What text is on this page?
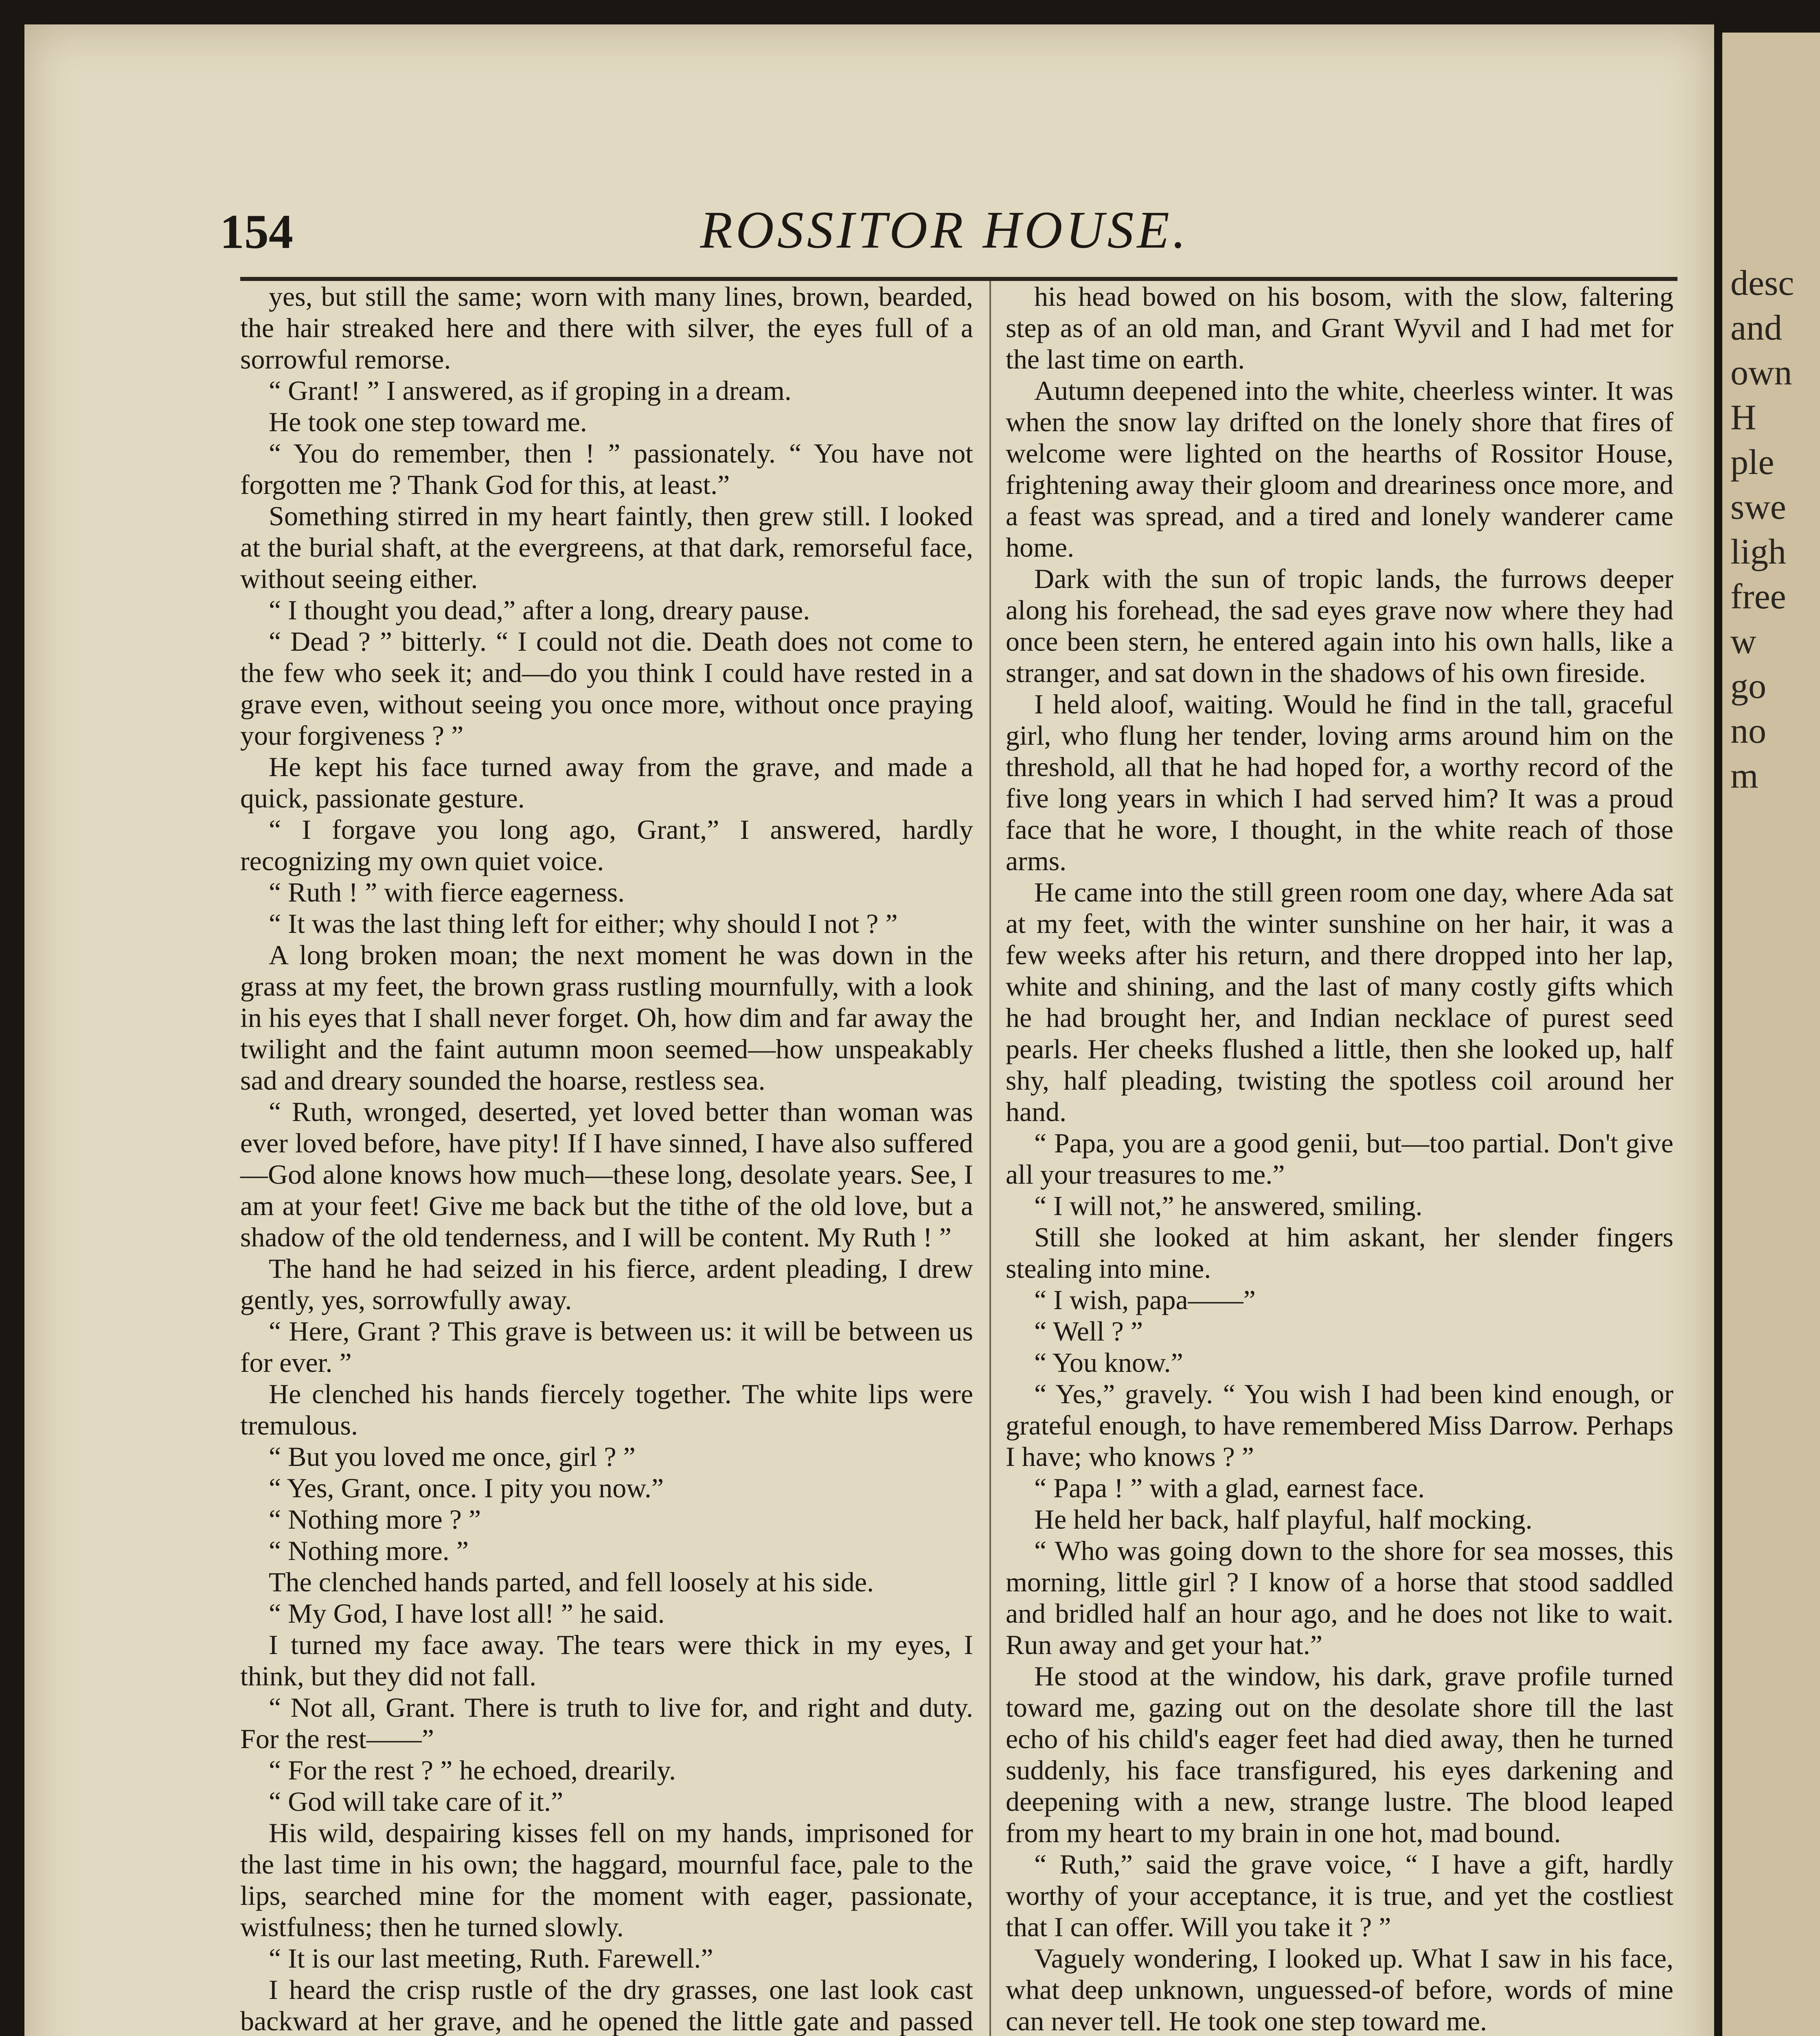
desc
and
own
H
ple
swe
ligh
free
w
go
no
m
154	ROSSITOR HOUSE.

yes, but still the same; worn with many lines, brown, bearded, the hair streaked here and there with silver, the eyes full of a sorrowful remorse.

“ Grant! ” I answered, as if groping in a dream.

He took one step toward me.

“ You do remember, then ! ” passionately. “ You have not forgotten me ? Thank God for this, at least.”

Something stirred in my heart faintly, then grew still. I looked at the burial shaft, at the evergreens, at that dark, remorseful face, without seeing either.

“ I thought you dead,” after a long, dreary pause.

“ Dead ? ” bitterly. “ I could not die. Death does not come to the few who seek it; and—do you think I could have rested in a grave even, without seeing you once more, without once praying your forgiveness ? ”

He kept his face turned away from the grave, and made a quick, passionate gesture.

“ I forgave you long ago, Grant,” I answered, hardly recognizing my own quiet voice.

“ Ruth ! ” with fierce eagerness.

“ It was the last thing left for either; why should I not ? ”

A long broken moan; the next moment he was down in the grass at my feet, the brown grass rustling mournfully, with a look in his eyes that I shall never forget. Oh, how dim and far away the twilight and the faint autumn moon seemed—how unspeakably sad and dreary sounded the hoarse, restless sea.

“ Ruth, wronged, deserted, yet loved better than woman was ever loved before, have pity! If I have sinned, I have also suffered—God alone knows how much—these long, desolate years. See, I am at your feet! Give me back but the tithe of the old love, but a shadow of the old tenderness, and I will be content. My Ruth ! ”

The hand he had seized in his fierce, ardent pleading, I drew gently, yes, sorrowfully away.

“ Here, Grant ? This grave is between us: it will be between us for ever. ”

He clenched his hands fiercely together. The white lips were tremulous.

“ But you loved me once, girl ? ”

“ Yes, Grant, once. I pity you now.”

“ Nothing more ? ”

“ Nothing more. ”

The clenched hands parted, and fell loosely at his side.

“ My God, I have lost all! ” he said.

I turned my face away. The tears were thick in my eyes, I think, but they did not fall.

“ Not all, Grant. There is truth to live for, and right and duty. For the rest——”

“ For the rest ? ” he echoed, drearily.

“ God will take care of it.”

His wild, despairing kisses fell on my hands, imprisoned for the last time in his own; the haggard, mournful face, pale to the lips, searched mine for the moment with eager, passionate, wistfulness; then he turned slowly.

“ It is our last meeting, Ruth. Farewell.”

I heard the crisp rustle of the dry grasses, one last look cast backward at her grave, and he opened the little gate and passed

his head bowed on his bosom, with the slow, faltering step as of an old man, and Grant Wyvil and I had met for the last time on earth.

Autumn deepened into the white, cheerless winter. It was when the snow lay drifted on the lonely shore that fires of welcome were lighted on the hearths of Rossitor House, frightening away their gloom and dreariness once more, and a feast was spread, and a tired and lonely wanderer came home.

Dark with the sun of tropic lands, the furrows deeper along his forehead, the sad eyes grave now where they had once been stern, he entered again into his own halls, like a stranger, and sat down in the shadows of his own fireside.

I held aloof, waiting. Would he find in the tall, graceful girl, who flung her tender, loving arms around him on the threshold, all that he had hoped for, a worthy record of the five long years in which I had served him? It was a proud face that he wore, I thought, in the white reach of those arms.

He came into the still green room one day, where Ada sat at my feet, with the winter sunshine on her hair, it was a few weeks after his return, and there dropped into her lap, white and shining, and the last of many costly gifts which he had brought her, and Indian necklace of purest seed pearls. Her cheeks flushed a little, then she looked up, half shy, half pleading, twisting the spotless coil around her hand.

“ Papa, you are a good genii, but—too partial. Don't give all your treasures to me.”

“ I will not,” he answered, smiling.

Still she looked at him askant, her slender fingers stealing into mine.

“ I wish, papa——”

“ Well ? ”

“ You know.”

“ Yes,” gravely. “ You wish I had been kind enough, or grateful enough, to have remembered Miss Darrow. Perhaps I have; who knows ? ”

“ Papa ! ” with a glad, earnest face.

He held her back, half playful, half mocking.

“ Who was going down to the shore for sea mosses, this morning, little girl ? I know of a horse that stood saddled and bridled half an hour ago, and he does not like to wait. Run away and get your hat.”

He stood at the window, his dark, grave profile turned toward me, gazing out on the desolate shore till the last echo of his child's eager feet had died away, then he turned suddenly, his face transfigured, his eyes darkening and deepening with a new, strange lustre. The blood leaped from my heart to my brain in one hot, mad bound.

“ Ruth,” said the grave voice, “ I have a gift, hardly worthy of your acceptance, it is true, and yet the costliest that I can offer. Will you take it ? ”

Vaguely wondering, I looked up. What I saw in his face, what deep unknown, unguessed-of before, words of mine can never tell. He took one step toward me.
